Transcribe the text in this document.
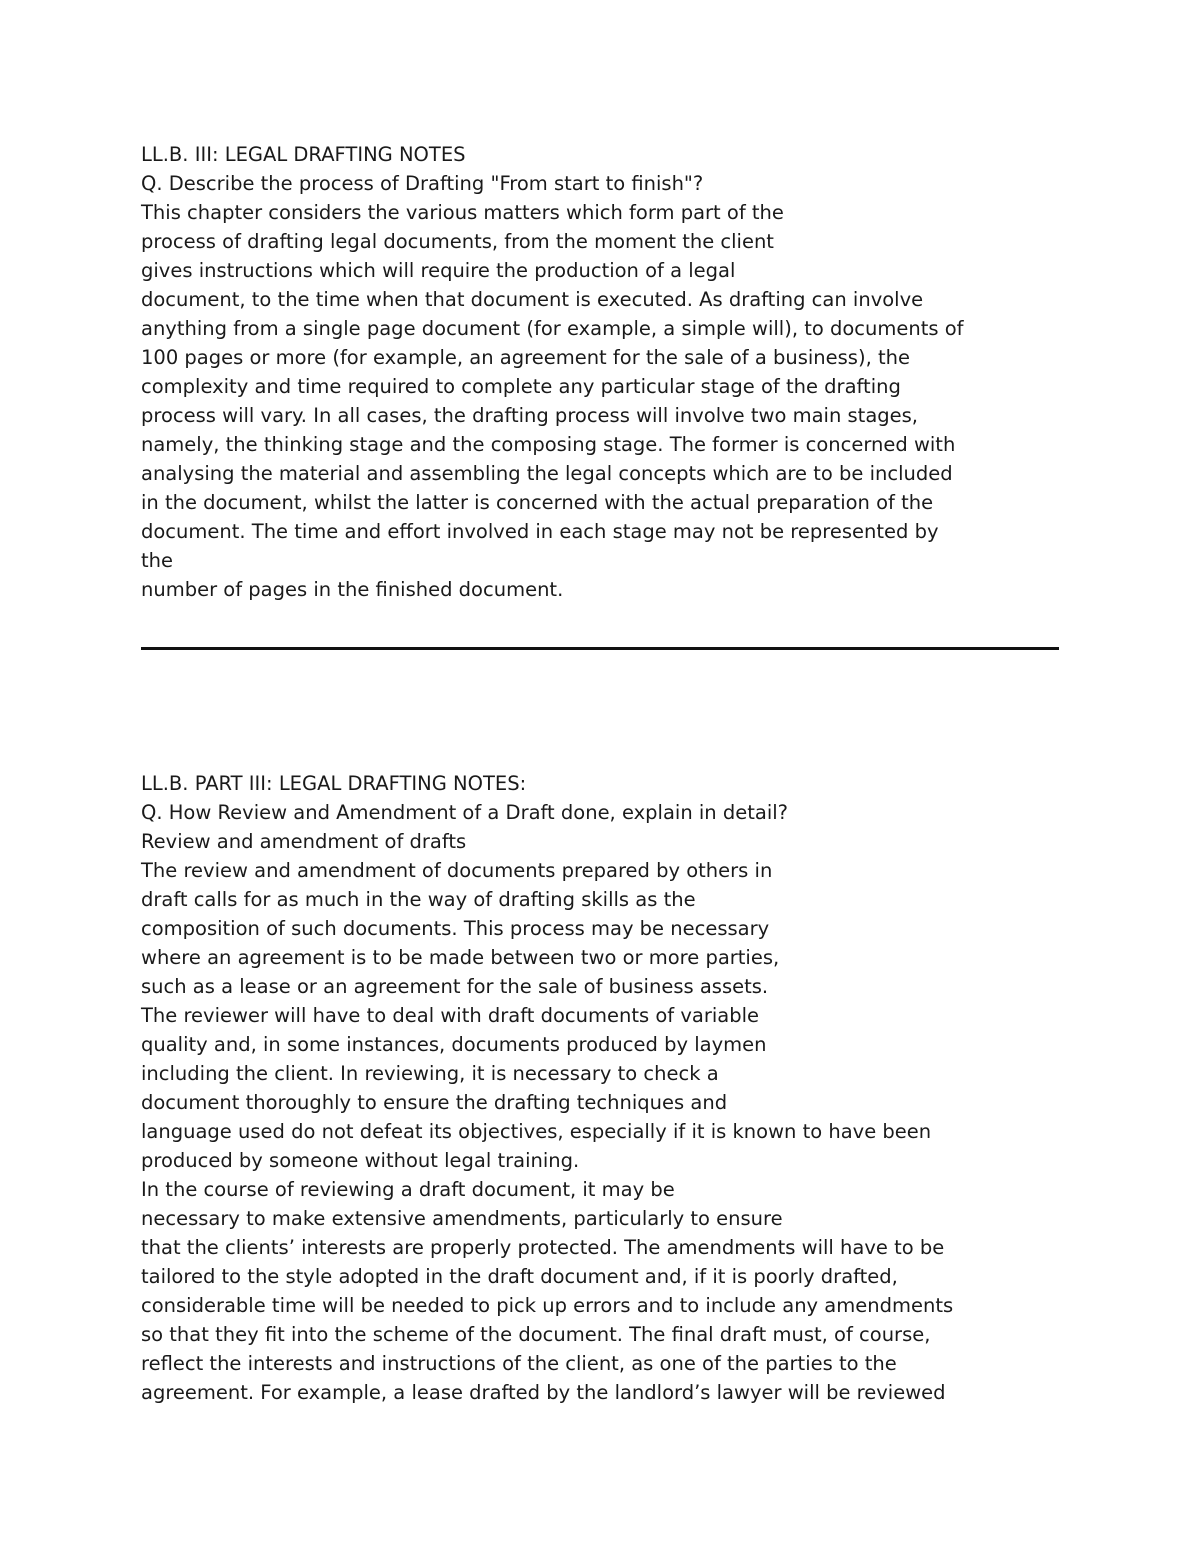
LL.B. III: LEGAL DRAFTING NOTES
Q. Describe the process of Drafting "From start to finish"?
This chapter considers the various matters which form part of the
process of drafting legal documents, from the moment the client
gives instructions which will require the production of a legal
document, to the time when that document is executed. As drafting can involve
anything from a single page document (for example, a simple will), to documents of
100 pages or more (for example, an agreement for the sale of a business), the
complexity and time required to complete any particular stage of the drafting
process will vary. In all cases, the drafting process will involve two main stages,
namely, the thinking stage and the composing stage. The former is concerned with
analysing the material and assembling the legal concepts which are to be included
in the document, whilst the latter is concerned with the actual preparation of the
document. The time and effort involved in each stage may not be represented by
the
number of pages in the finished document.
LL.B. PART III: LEGAL DRAFTING NOTES:
Q. How Review and Amendment of a Draft done, explain in detail?
Review and amendment of drafts
The review and amendment of documents prepared by others in
draft calls for as much in the way of drafting skills as the
composition of such documents. This process may be necessary
where an agreement is to be made between two or more parties,
such as a lease or an agreement for the sale of business assets.
The reviewer will have to deal with draft documents of variable
quality and, in some instances, documents produced by laymen
including the client. In reviewing, it is necessary to check a
document thoroughly to ensure the drafting techniques and
language used do not defeat its objectives, especially if it is known to have been
produced by someone without legal training.
In the course of reviewing a draft document, it may be
necessary to make extensive amendments, particularly to ensure
that the clients’ interests are properly protected. The amendments will have to be
tailored to the style adopted in the draft document and, if it is poorly drafted,
considerable time will be needed to pick up errors and to include any amendments
so that they fit into the scheme of the document. The final draft must, of course,
reflect the interests and instructions of the client, as one of the parties to the
agreement. For example, a lease drafted by the landlord’s lawyer will be reviewed
